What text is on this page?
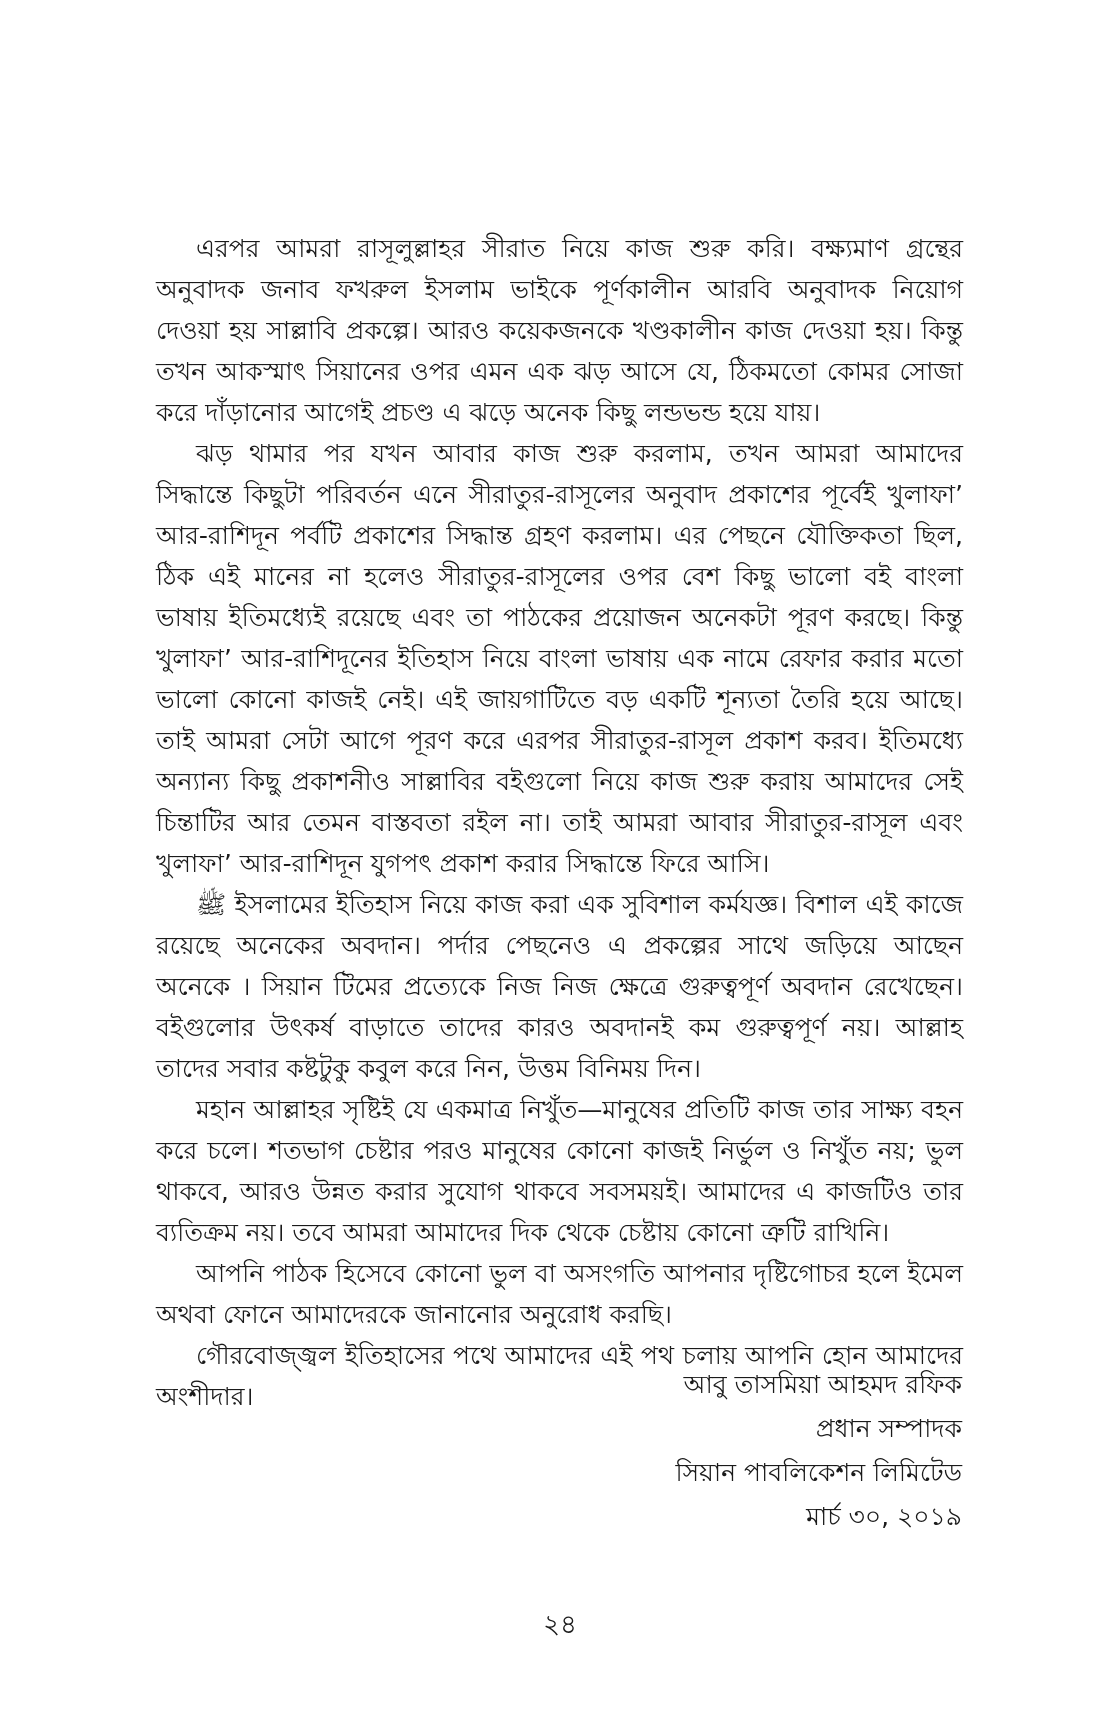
এরপর আমরা রাসূলুল্লাহর সীরাত নিয়ে কাজ শুরু করি। বক্ষ্যমাণ গ্রন্থের অনুবাদক জনাব ফখরুল ইসলাম ভাইকে পূর্ণকালীন আরবি অনুবাদক নিয়োগ দেওয়া হয় সাল্লাবি প্রকল্পে। আরও কয়েকজনকে খণ্ডকালীন কাজ দেওয়া হয়। কিন্তু তখন আকস্মাৎ সিয়ানের ওপর এমন এক ঝড় আসে যে, ঠিকমতো কোমর সোজা করে দাঁড়ানোর আগেই প্রচণ্ড এ ঝড়ে অনেক কিছু লন্ডভন্ড হয়ে যায়।

ঝড় থামার পর যখন আবার কাজ শুরু করলাম, তখন আমরা আমাদের সিদ্ধান্তে কিছুটা পরিবর্তন এনে সীরাতুর-রাসূলের অনুবাদ প্রকাশের পূর্বেই খুলাফা’ আর-রাশিদূন পর্বটি প্রকাশের সিদ্ধান্ত গ্রহণ করলাম। এর পেছনে যৌক্তিকতা ছিল, ঠিক এই মানের না হলেও সীরাতুর-রাসূলের ওপর বেশ কিছু ভালো বই বাংলা ভাষায় ইতিমধ্যেই রয়েছে এবং তা পাঠকের প্রয়োজন অনেকটা পূরণ করছে। কিন্তু খুলাফা’ আর-রাশিদূনের ইতিহাস নিয়ে বাংলা ভাষায় এক নামে রেফার করার মতো ভালো কোনো কাজই নেই। এই জায়গাটিতে বড় একটি শূন্যতা তৈরি হয়ে আছে। তাই আমরা সেটা আগে পূরণ করে এরপর সীরাতুর-রাসূল প্রকাশ করব। ইতিমধ্যে অন্যান্য কিছু প্রকাশনীও সাল্লাবির বইগুলো নিয়ে কাজ শুরু করায় আমাদের সেই চিন্তাটির আর তেমন বাস্তবতা রইল না। তাই আমরা আবার সীরাতুর-রাসূল এবং খুলাফা’ আর-রাশিদূন যুগপৎ প্রকাশ করার সিদ্ধান্তে ফিরে আসি।

ﷺ ইসলামের ইতিহাস নিয়ে কাজ করা এক সুবিশাল কর্মযজ্ঞ। বিশাল এই কাজে রয়েছে অনেকের অবদান। পর্দার পেছনেও এ প্রকল্পের সাথে জড়িয়ে আছেন অনেকে । সিয়ান টিমের প্রত্যেকে নিজ নিজ ক্ষেত্রে গুরুত্বপূর্ণ অবদান রেখেছেন। বইগুলোর উৎকর্ষ বাড়াতে তাদের কারও অবদানই কম গুরুত্বপূর্ণ নয়। আল্লাহ তাদের সবার কষ্টটুকু কবুল করে নিন, উত্তম বিনিময় দিন।

মহান আল্লাহর সৃষ্টিই যে একমাত্র নিখুঁত—মানুষের প্রতিটি কাজ তার সাক্ষ্য বহন করে চলে। শতভাগ চেষ্টার পরও মানুষের কোনো কাজই নির্ভুল ও নিখুঁত নয়; ভুল থাকবে, আরও উন্নত করার সুযোগ থাকবে সবসময়ই। আমাদের এ কাজটিও তার ব্যতিক্রম নয়। তবে আমরা আমাদের দিক থেকে চেষ্টায় কোনো ত্রুটি রাখিনি।

আপনি পাঠক হিসেবে কোনো ভুল বা অসংগতি আপনার দৃষ্টিগোচর হলে ইমেল অথবা ফোনে আমাদেরকে জানানোর অনুরোধ করছি।

গৌরবোজ্জ্বল ইতিহাসের পথে আমাদের এই পথ চলায় আপনি হোন আমাদের অংশীদার।	আবু তাসমিয়া আহমদ রফিক
প্রধান সম্পাদক
সিয়ান পাবলিকেশন লিমিটেড
মার্চ ৩০, ২০১৯
২৪
